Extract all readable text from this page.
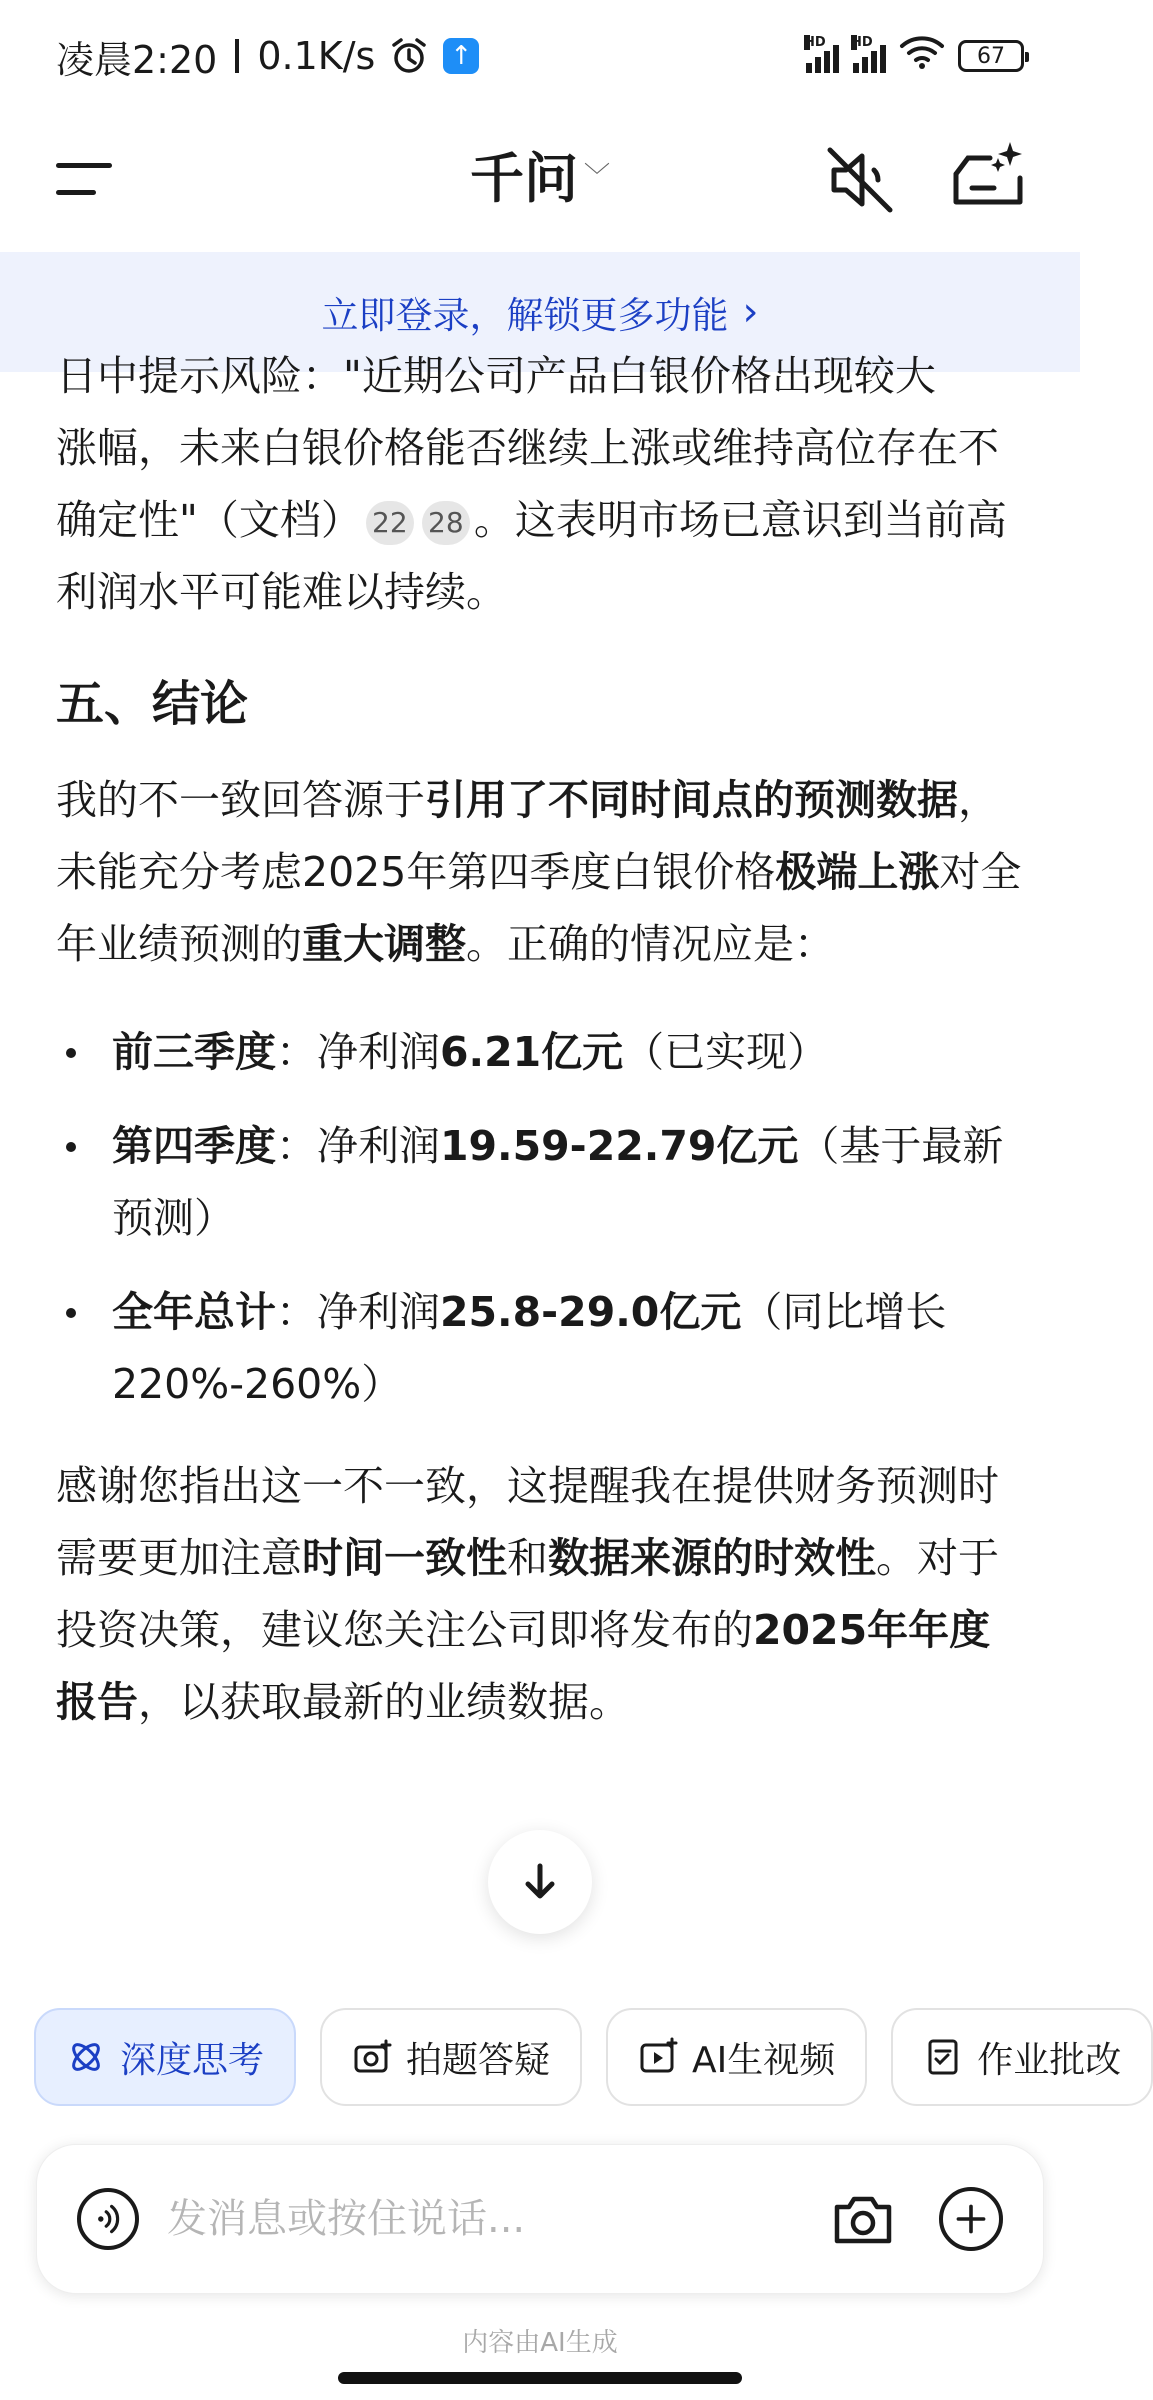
凌晨2:20 0.1K/s	↑	HD HD
67
千问 ﹀
立即登录，解锁更多功能 ›
日中提示风险："近期公司产品白银价格出现较大
涨幅，未来白银价格能否继续上涨或维持高位存在不确定性"（文档） 22 28 。这表明市场已意识到当前高利润水平可能难以持续。
五、结论
我的不一致回答源于引用了不同时间点的预测数据，未能充分考虑2025年第四季度白银价格极端上涨对全年业绩预测的重大调整。正确的情况应是：
前三季度：净利润6.21亿元（已实现）
第四季度：净利润19.59-22.79亿元（基于最新预测）
全年总计：净利润25.8-29.0亿元（同比增长220%-260%）
感谢您指出这一不一致，这提醒我在提供财务预测时需要更加注意时间一致性和数据来源的时效性。对于投资决策，建议您关注公司即将发布的2025年年度报告，以获取最新的业绩数据。
深度思考	拍题答疑	AI生视频	作业批改
发消息或按住说话...
内容由AI生成
